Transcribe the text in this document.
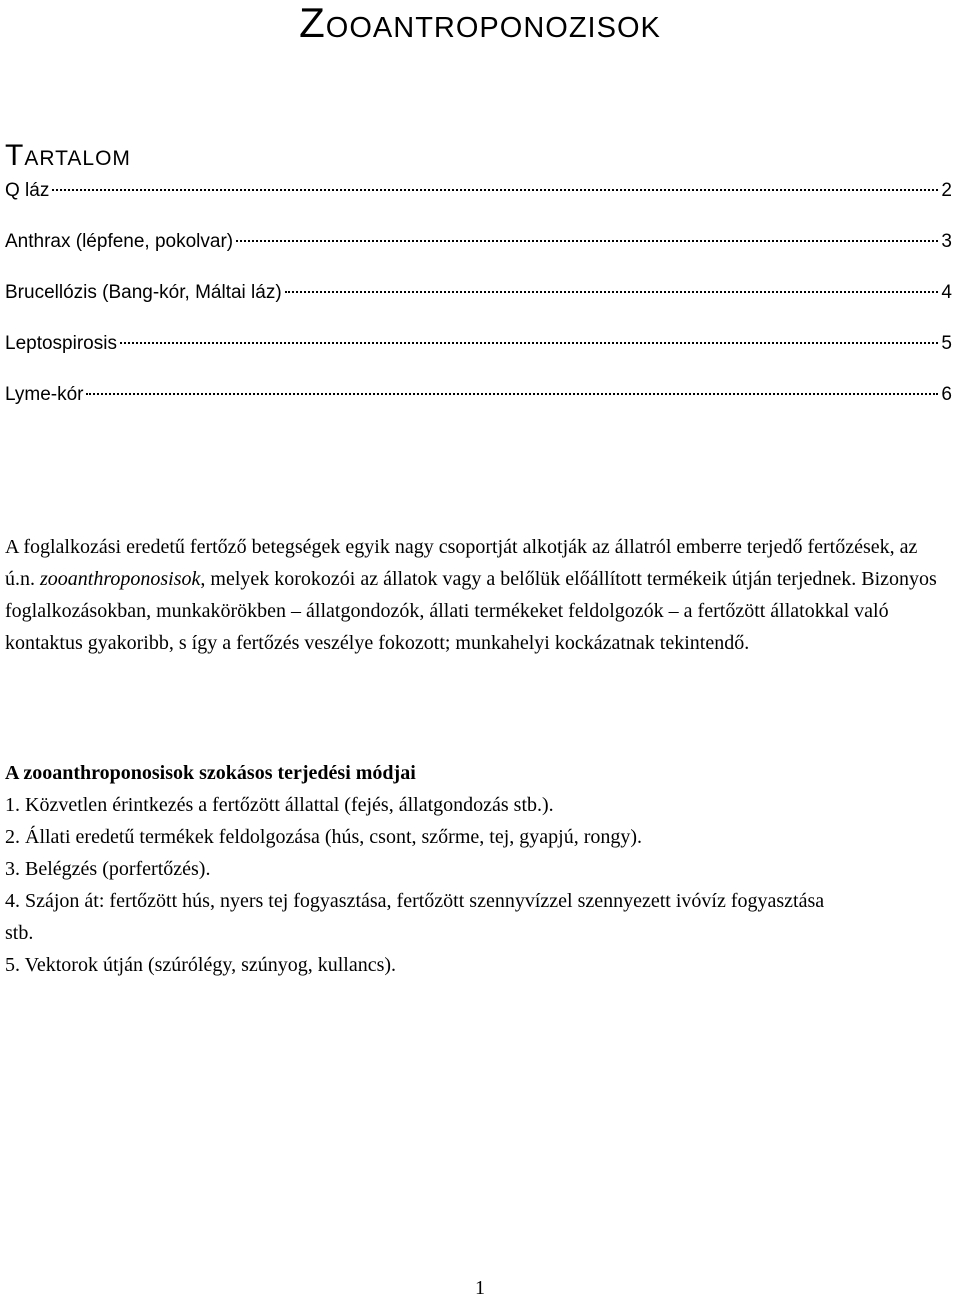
Zooantroponozisok
Tartalom
Q láz	2
Anthrax (lépfene, pokolvar)	3
Brucellózis (Bang-kór, Máltai láz)	4
Leptospirosis	5
Lyme-kór	6

A foglalkozási eredetű fertőző betegségek egyik nagy csoportját alkotják az állatról emberre terjedő fertőzések, az ú.n. zooanthroponosisok, melyek korokozói az állatok vagy a belőlük előállított termékeik útján terjednek. Bizonyos foglalkozásokban, munkakörökben – állatgondozók, állati termékeket feldolgozók – a fertőzött állatokkal való kontaktus gyakoribb, s így a fertőzés veszélye fokozott; munkahelyi kockázatnak tekintendő.

A zooanthroponosisok szokásos terjedési módjai
1. Közvetlen érintkezés a fertőzött állattal (fejés, állatgondozás stb.).
2. Állati eredetű termékek feldolgozása (hús, csont, szőrme, tej, gyapjú, rongy).
3. Belégzés (porfertőzés).
4. Szájon át: fertőzött hús, nyers tej fogyasztása, fertőzött szennyvízzel szennyezett ivóvíz fogyasztása stb.
5. Vektorok útján (szúrólégy, szúnyog, kullancs).
1
